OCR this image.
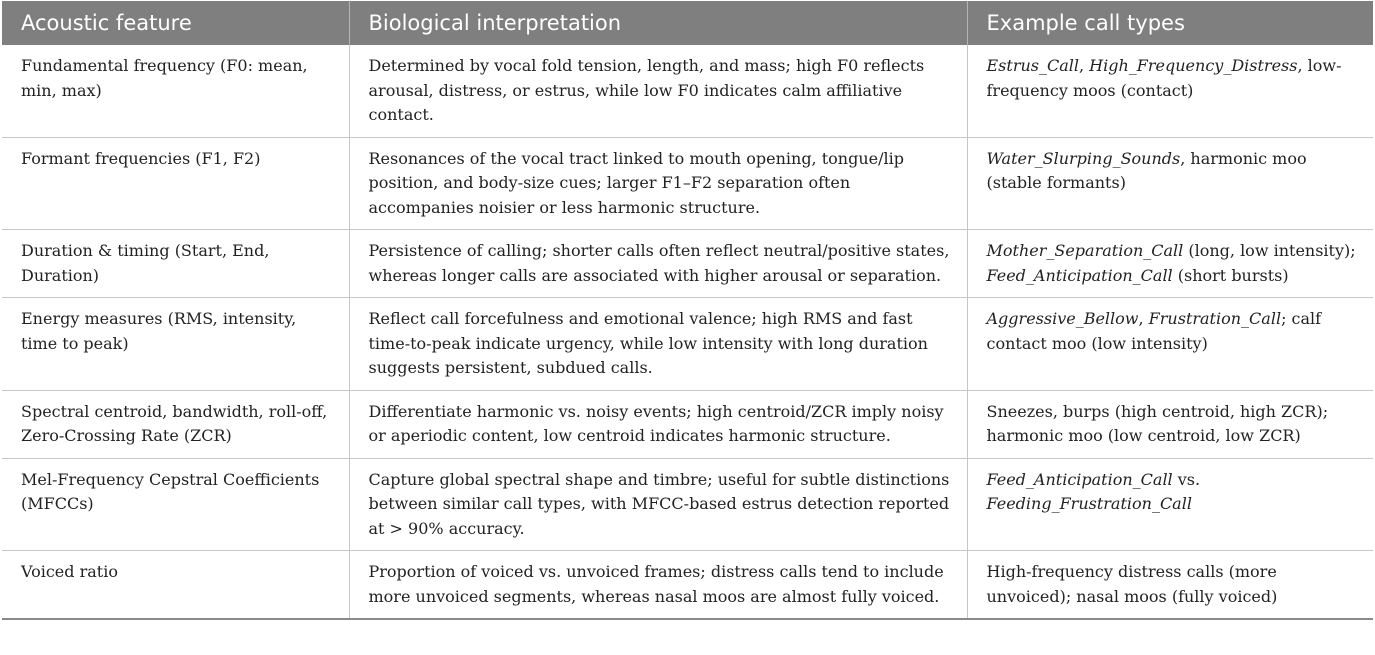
Acoustic feature	Biological interpretation	Example call types
Fundamental frequency (F0: mean, min, max)	Determined by vocal fold tension, length, and mass; high F0 reflects arousal, distress, or estrus, while low F0 indicates calm affiliative contact.	Estrus_Call, High_Frequency_Distress, low-frequency moos (contact)
Formant frequencies (F1, F2)	Resonances of the vocal tract linked to mouth opening, tongue/lip position, and body-size cues; larger F1–F2 separation often accompanies noisier or less harmonic structure.	Water_Slurping_Sounds, harmonic moo (stable formants)
Duration & timing (Start, End, Duration)	Persistence of calling; shorter calls often reflect neutral/positive states, whereas longer calls are associated with higher arousal or separation.	Mother_Separation_Call (long, low intensity); Feed_Anticipation_Call (short bursts)
Energy measures (RMS, intensity, time to peak)	Reflect call forcefulness and emotional valence; high RMS and fast time-to-peak indicate urgency, while low intensity with long duration suggests persistent, subdued calls.	Aggressive_Bellow, Frustration_Call; calf contact moo (low intensity)
Spectral centroid, bandwidth, roll-off, Zero-Crossing Rate (ZCR)	Differentiate harmonic vs. noisy events; high centroid/ZCR imply noisy or aperiodic content, low centroid indicates harmonic structure.	Sneezes, burps (high centroid, high ZCR); harmonic moo (low centroid, low ZCR)
Mel-Frequency Cepstral Coefficients (MFCCs)	Capture global spectral shape and timbre; useful for subtle distinctions between similar call types, with MFCC-based estrus detection reported at > 90% accuracy.	Feed_Anticipation_Call vs. Feeding_Frustration_Call
Voiced ratio	Proportion of voiced vs. unvoiced frames; distress calls tend to include more unvoiced segments, whereas nasal moos are almost fully voiced.	High-frequency distress calls (more unvoiced); nasal moos (fully voiced)
